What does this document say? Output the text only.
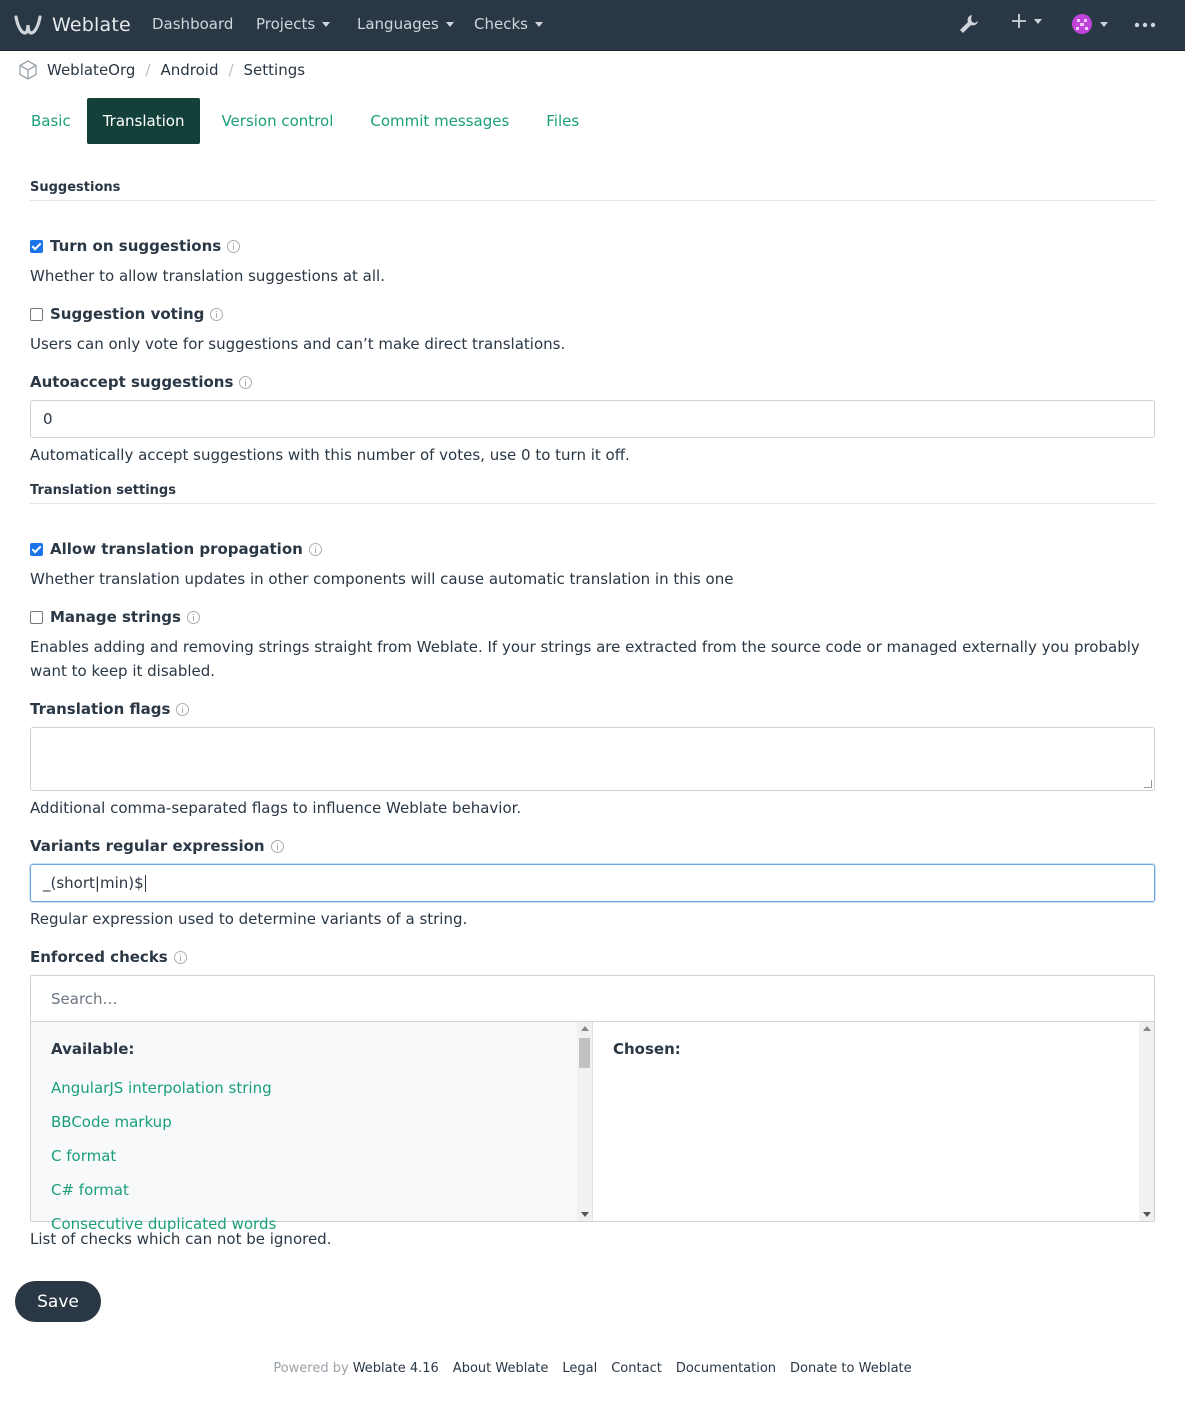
Weblate Dashboard Projects	Languages Checks
WeblateOrg / Android / Settings
Basic	Translation	Version control	Commit messages	Files
Suggestions
Turn on suggestions
Whether to allow translation suggestions at all.
Suggestion voting
Users can only vote for suggestions and can’t make direct translations.
Autoaccept suggestions
0
Automatically accept suggestions with this number of votes, use 0 to turn it off.
Translation settings
Allow translation propagation
Whether translation updates in other components will cause automatic translation in this one
Manage strings
Enables adding and removing strings straight from Weblate. If your strings are extracted from the source code or managed externally you probably want to keep it disabled.
Translation flags
Additional comma-separated flags to influence Weblate behavior.
Variants regular expression
_(short|min)$
Regular expression used to determine variants of a string.
Enforced checks
Search…
Available:
AngularJS interpolation string
BBCode markup
C format
C# format
Consecutive duplicated words
Chosen:
List of checks which can not be ignored.
Save
Powered by Weblate 4.16 About Weblate Legal Contact Documentation Donate to Weblate
